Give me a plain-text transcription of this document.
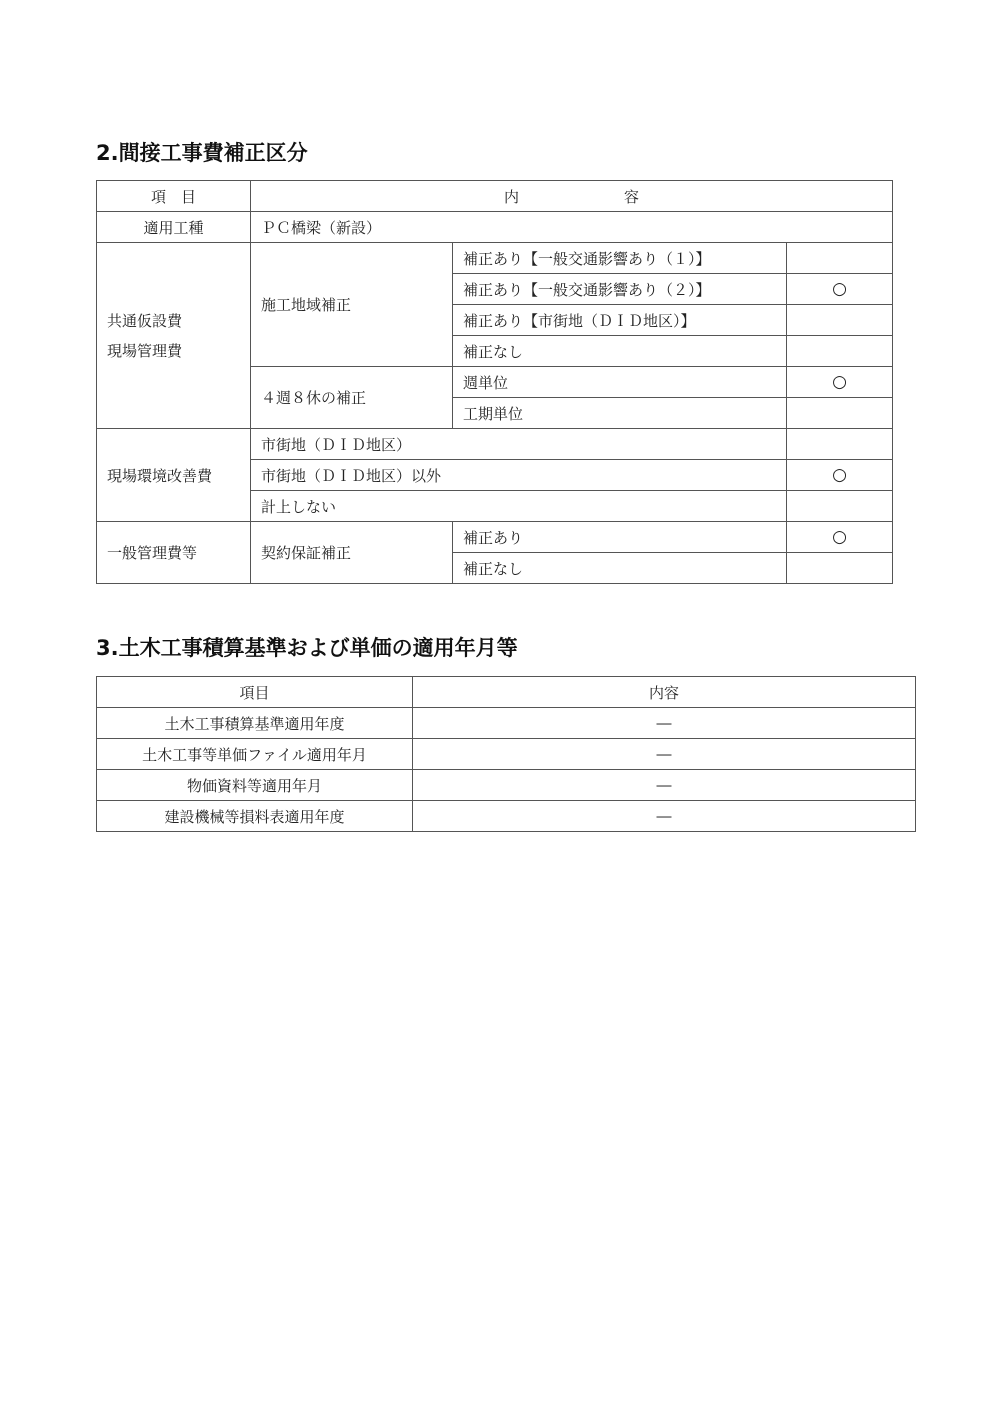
2.間接工事費補正区分
項　目	内　　　　　　　容		
適用工種	ＰＣ橋梁（新設）		

共通仮設費
現場管理費	施工地域補正	補正あり【一般交通影響あり（１）】	
		補正あり【一般交通影響あり（２）】	○
		補正あり【市街地（ＤＩＤ地区）】	
		補正なし	
	４週８休の補正	週単位	○
		工期単位	
現場環境改善費	市街地（ＤＩＤ地区）		
	市街地（ＤＩＤ地区）以外		○
	計上しない		
一般管理費等	契約保証補正	補正あり	○
		補正なし	
3.土木工事積算基準および単価の適用年月等
項目	内容
土木工事積算基準適用年度	―
土木工事等単価ファイル適用年月	―
物価資料等適用年月	―
建設機械等損料表適用年度	―
